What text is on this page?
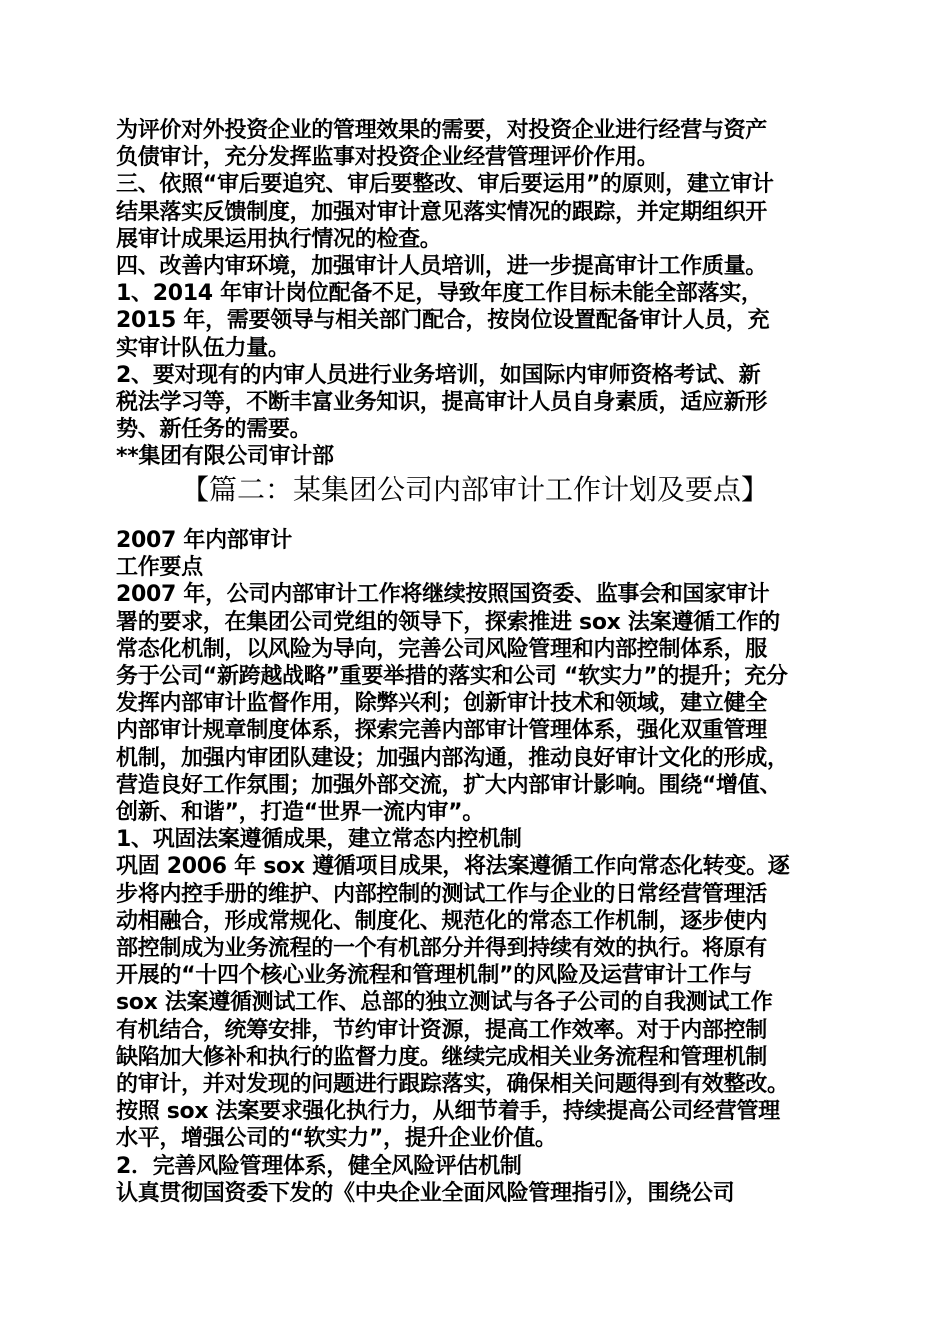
为评价对外投资企业的管理效果的需要，对投资企业进行经营与资产
负债审计，充分发挥监事对投资企业经营管理评价作用。
三、依照“审后要追究、审后要整改、审后要运用”的原则，建立审计
结果落实反馈制度，加强对审计意见落实情况的跟踪，并定期组织开
展审计成果运用执行情况的检查。
四、改善内审环境，加强审计人员培训，进一步提高审计工作质量。
1、2014 年审计岗位配备不足，导致年度工作目标未能全部落实，
2015 年，需要领导与相关部门配合，按岗位设置配备审计人员，充
实审计队伍力量。
2、要对现有的内审人员进行业务培训，如国际内审师资格考试、新
税法学习等，不断丰富业务知识，提高审计人员自身素质，适应新形
势、新任务的需要。
**集团有限公司审计部
【篇二：某集团公司内部审计工作计划及要点】
2007 年内部审计
工作要点
2007 年，公司内部审计工作将继续按照国资委、监事会和国家审计
署的要求，在集团公司党组的领导下，探索推进 sox 法案遵循工作的
常态化机制，以风险为导向，完善公司风险管理和内部控制体系，服
务于公司“新跨越战略”重要举措的落实和公司 “软实力”的提升；充分
发挥内部审计监督作用，除弊兴利；创新审计技术和领域，建立健全
内部审计规章制度体系，探索完善内部审计管理体系，强化双重管理
机制，加强内审团队建设；加强内部沟通，推动良好审计文化的形成，
营造良好工作氛围；加强外部交流，扩大内部审计影响。围绕“增值、
创新、和谐”，打造“世界一流内审”。
1、巩固法案遵循成果，建立常态内控机制
巩固 2006 年 sox 遵循项目成果，将法案遵循工作向常态化转变。逐
步将内控手册的维护、内部控制的测试工作与企业的日常经营管理活
动相融合，形成常规化、制度化、规范化的常态工作机制，逐步使内
部控制成为业务流程的一个有机部分并得到持续有效的执行。将原有
开展的“十四个核心业务流程和管理机制”的风险及运营审计工作与
sox 法案遵循测试工作、总部的独立测试与各子公司的自我测试工作
有机结合，统筹安排，节约审计资源，提高工作效率。对于内部控制
缺陷加大修补和执行的监督力度。继续完成相关业务流程和管理机制
的审计，并对发现的问题进行跟踪落实，确保相关问题得到有效整改。
按照 sox 法案要求强化执行力，从细节着手，持续提高公司经营管理
水平，增强公司的“软实力”，提升企业价值。
2．完善风险管理体系，健全风险评估机制
认真贯彻国资委下发的《中央企业全面风险管理指引》，围绕公司
